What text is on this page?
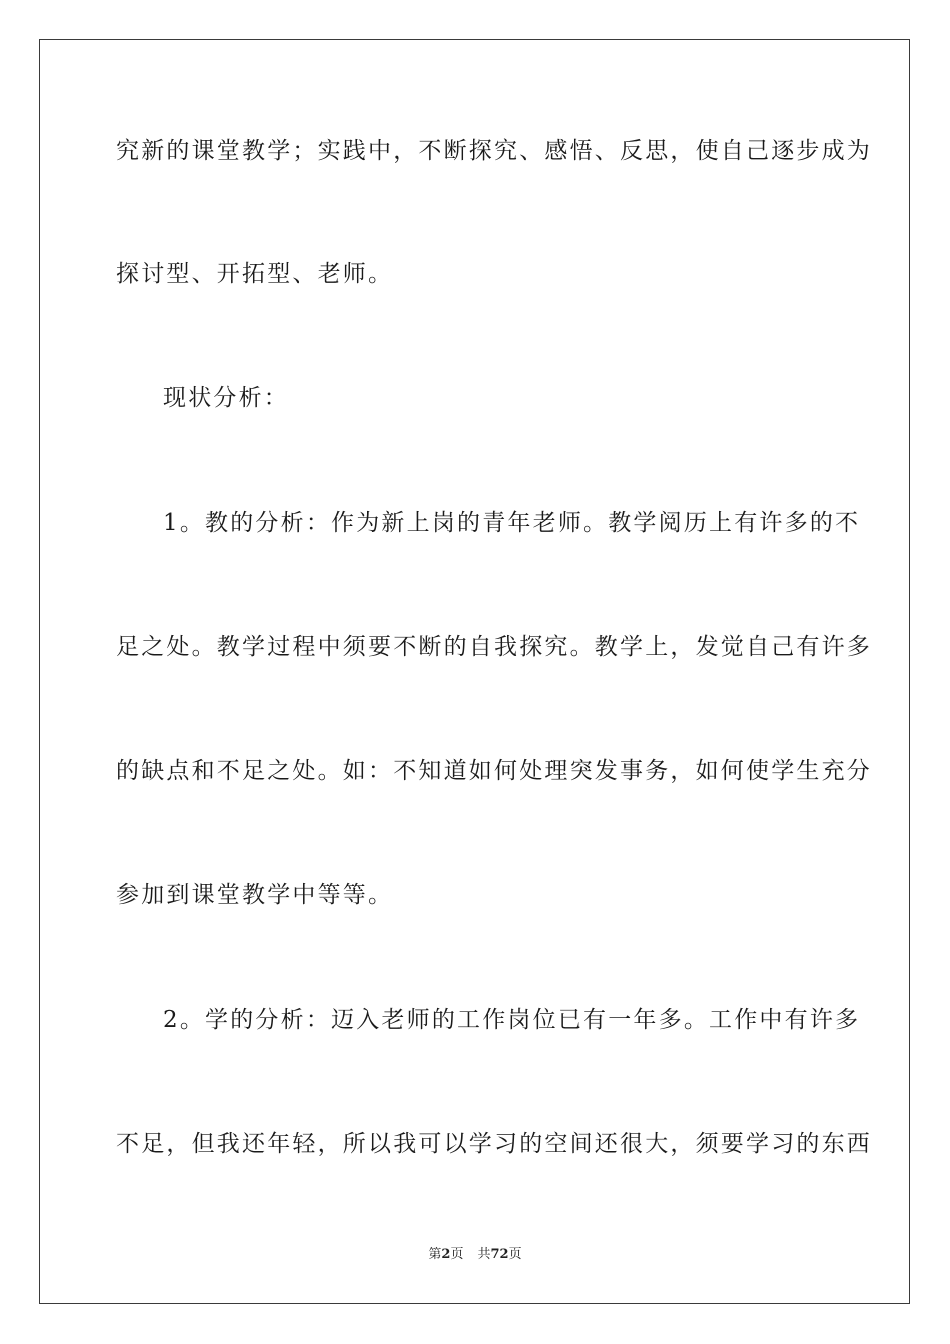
究新的课堂教学；实践中，不断探究、感悟、反思，使自己逐步成为
探讨型、开拓型、老师。
现状分析：
1。教的分析：作为新上岗的青年老师。教学阅历上有许多的不
足之处。教学过程中须要不断的自我探究。教学上，发觉自己有许多
的缺点和不足之处。如：不知道如何处理突发事务，如何使学生充分
参加到课堂教学中等等。
2。学的分析：迈入老师的工作岗位已有一年多。工作中有许多
不足，但我还年轻，所以我可以学习的空间还很大，须要学习的东西
第2页 共72页
